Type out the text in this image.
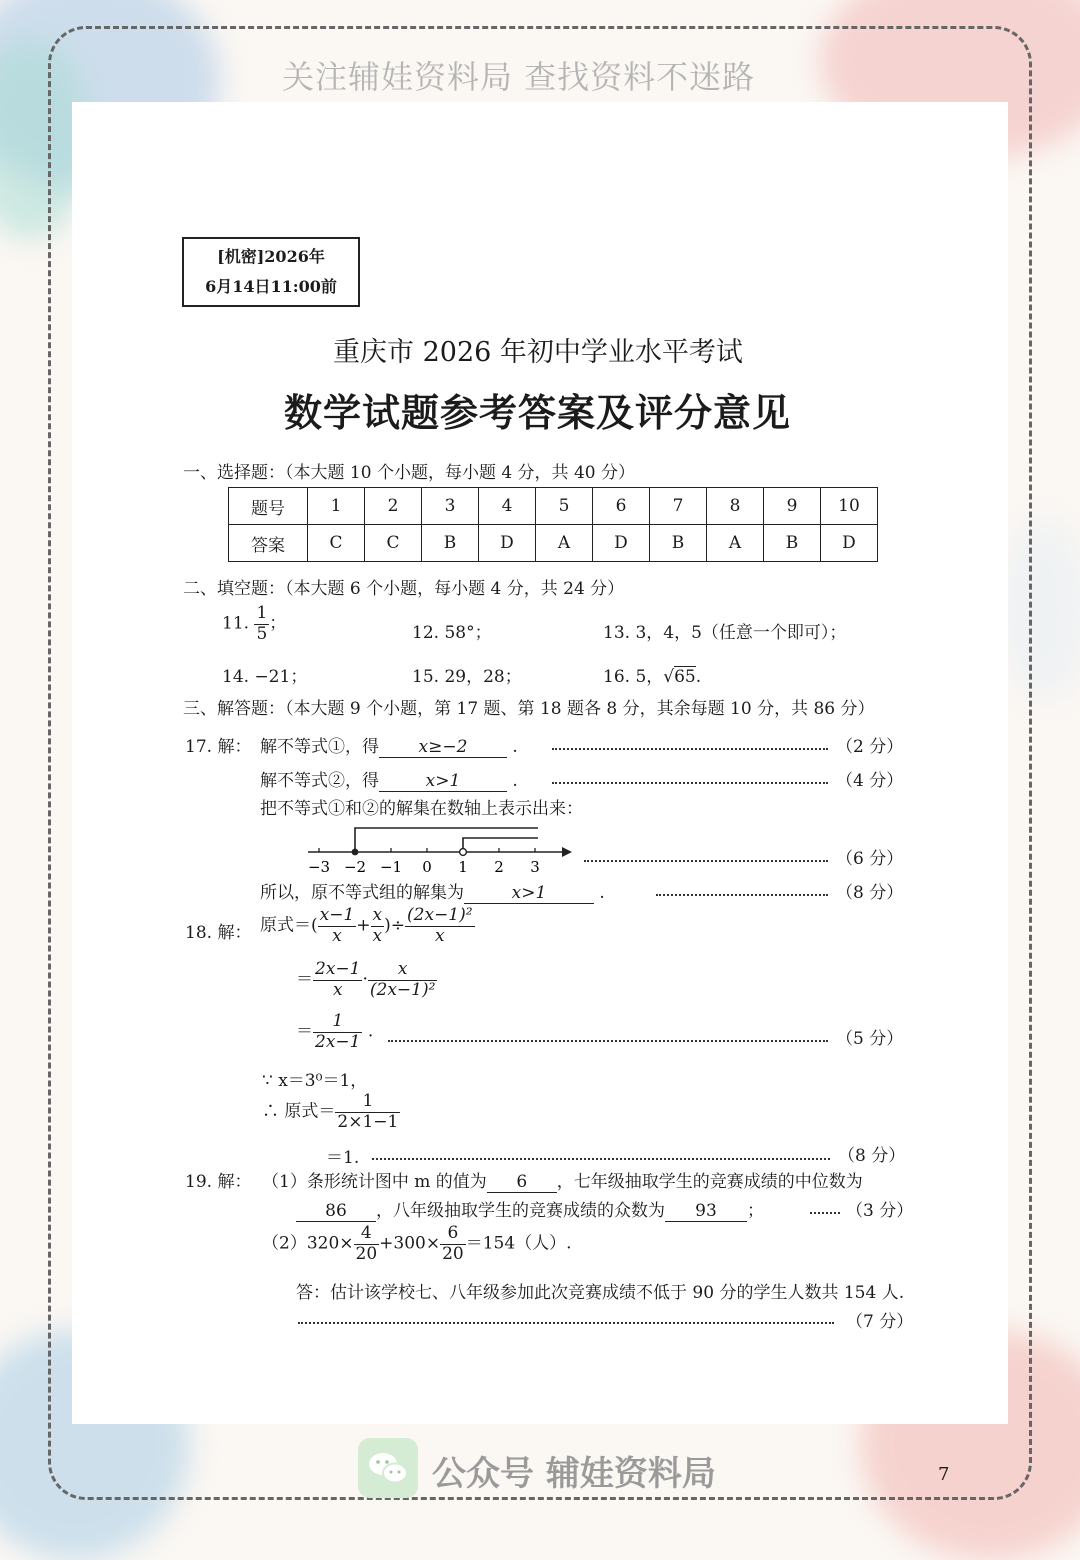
关注辅娃资料局 查找资料不迷路
[机密]2026年
6月14日11:00前
重庆市 2026 年初中学业水平考试
数学试题参考答案及评分意见
一、选择题：（本大题 10 个小题，每小题 4 分，共 40 分）
题号	1	2	3	4	5	6	7	8	9	10
答案	C	C	B	D	A	D	B	A	B	D
二、填空题：（本大题 6 个小题，每小题 4 分，共 24 分）
11. $\frac{1}{5}$ ；	12. 58°；	13. 3，4，5（任意一个即可）；
14. −21；	15. 29，28；	16. 5，√65.
三、解答题：（本大题 9 个小题，第 17 题、第 18 题各 8 分，其余每题 10 分，共 86 分）
17. 解： 解不等式①，得 x≥−2	.	（2 分）
解不等式②，得	x>1	.	（4 分）
把不等式①和②的解集在数轴上表示出来：
−3 −2 −1 0 1 2 3	（6 分）
所以，原不等式组的解集为	x>1	.	（8 分）
18. 解： 原式＝( $\frac{x-1}{x} + \frac{x}{x}$ )÷ $\frac{\text{(2x−1)²}}{x}$
＝ $\frac{2x-1}{x} \cdot \frac{x}{\text{(2x−1)²}}$
＝ $\frac{1}{2x-1}$ .	（5 分）
∵ x＝3⁰＝1，
∴ 原式＝ $\frac{1}{2\times 1-1}$
＝1.	（8 分）
19. 解： （1）条形统计图中 m 的值为 6 ，七年级抽取学生的竞赛成绩的中位数为
86 ，八年级抽取学生的竞赛成绩的众数为 93 ；	（3 分）
$(2)320\times \frac{4}{20} +300\times \frac{6}{20} =154$（人）.
答：估计该学校七、八年级参加此次竞赛成绩不低于 90 分的学生人数共 154 人.
（7 分）
公众号 辅娃资料局	7
